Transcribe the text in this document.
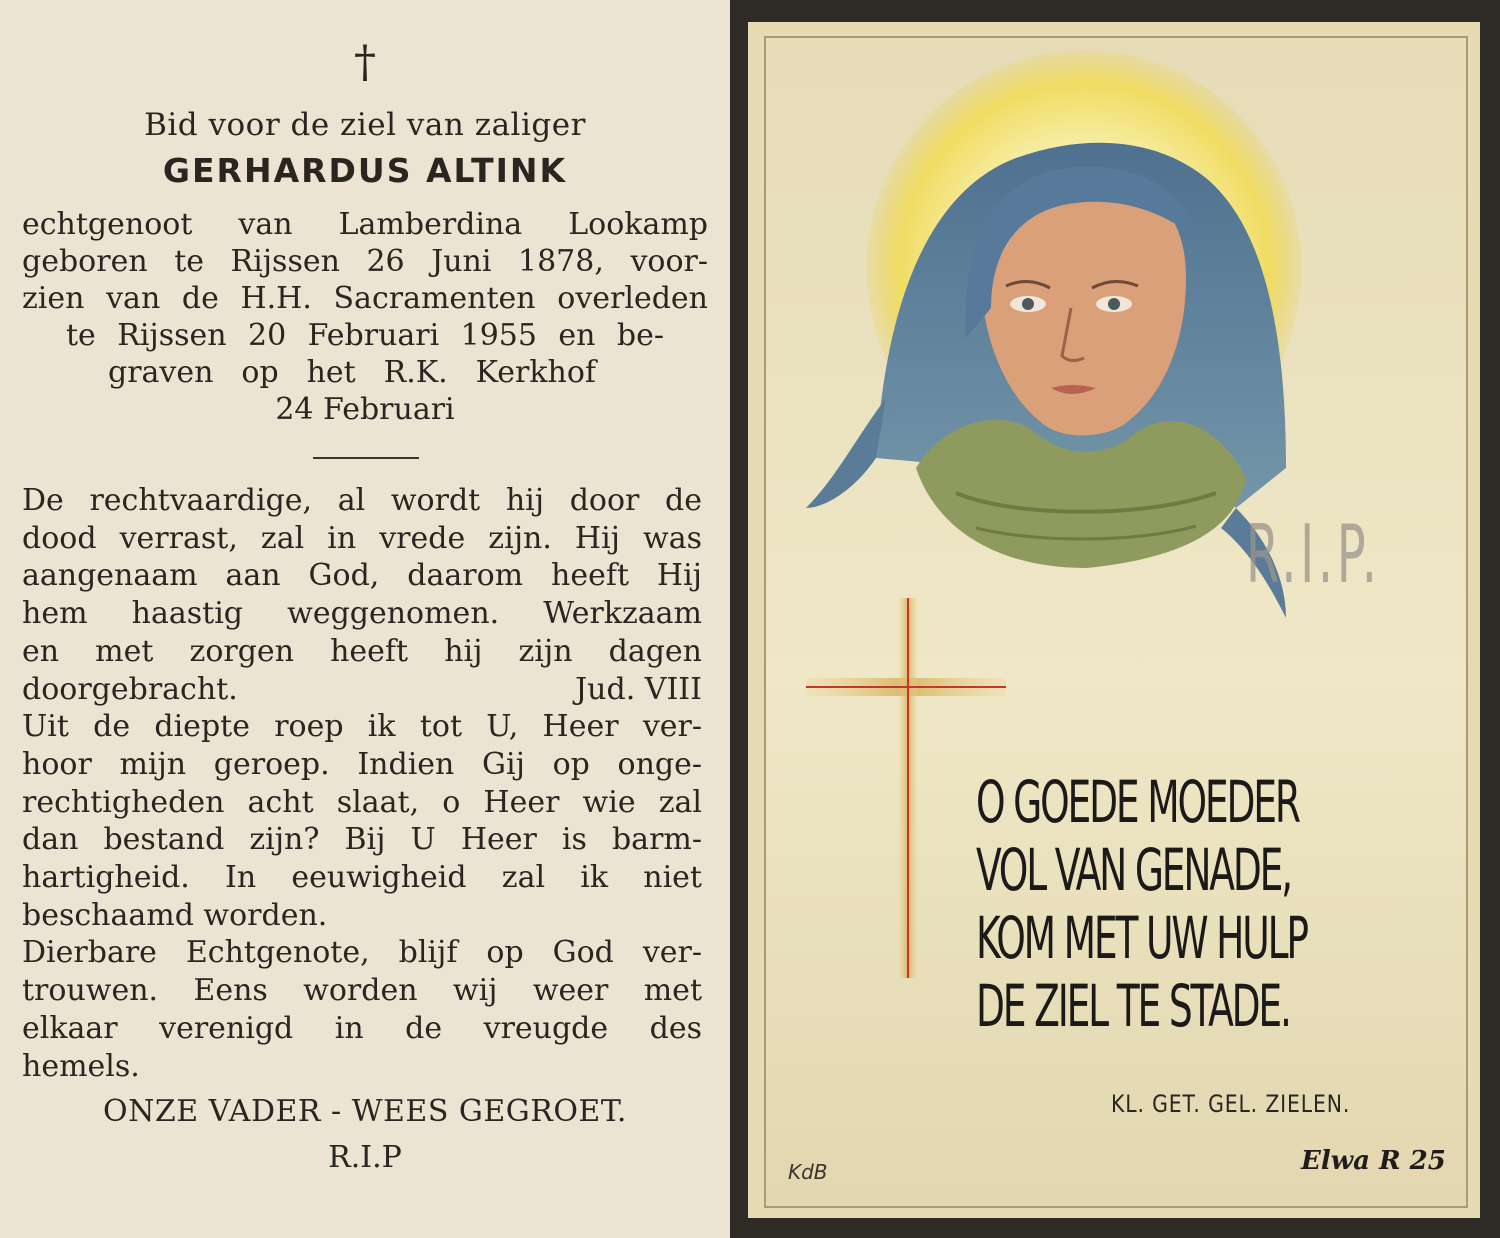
†
Bid voor de ziel van zaliger
GERHARDUS ALTINK
echtgenoot van Lamberdina Lookamp
geboren te Rijssen 26 Juni 1878, voor-
zien van de H.H. Sacramenten overleden
te Rijssen 20 Februari 1955 en be-
graven op het R.K. Kerkhof
24 Februari
De rechtvaardige, al wordt hij door de
dood verrast, zal in vrede zijn. Hij was
aangenaam aan God, daarom heeft Hij
hem haastig weggenomen. Werkzaam
en met zorgen heeft hij zijn dagen
doorgebracht.	Jud. VIII
Uit de diepte roep ik tot U, Heer ver-
hoor mijn geroep. Indien Gij op onge-
rechtigheden acht slaat, o Heer wie zal
dan bestand zijn? Bij U Heer is barm-
hartigheid. In eeuwigheid zal ik niet
beschaamd worden.
Dierbare Echtgenote, blijf op God ver-
trouwen. Eens worden wij weer met
elkaar verenigd in de vreugde des
hemels.
ONZE VADER - WEES GEGROET.
R.I.P
R.I.P.
O GOEDE MOEDER
VOL VAN GENADE,
KOM MET UW HULP
DE ZIEL TE STADE.
KL. GET. GEL. ZIELEN.
KdB	Elwa R 25
